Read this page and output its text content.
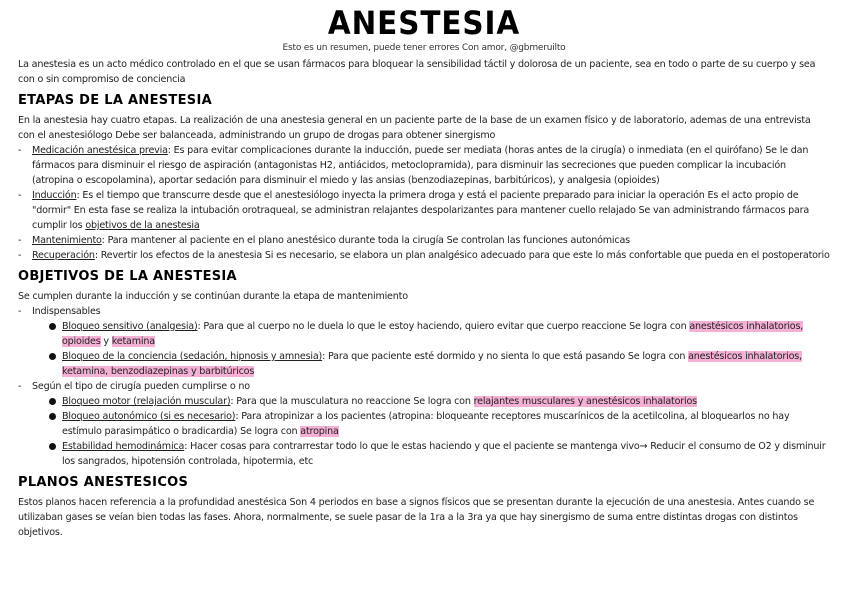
ANESTESIA
Esto es un resumen, puede tener errores Con amor, @gbmeruilto

La anestesia es un acto médico controlado en el que se usan fármacos para bloquear la sensibilidad táctil y dolorosa de un paciente, sea en todo o parte de su cuerpo y sea con o sin compromiso de conciencia

ETAPAS DE LA ANESTESIA

En la anestesia hay cuatro etapas. La realización de una anestesia general en un paciente parte de la base de un examen físico y de laboratorio, ademas de una entrevista con el anestesiólogo Debe ser balanceada, administrando un grupo de drogas para obtener sinergismo

- Medicación anestésica previa: Es para evitar complicaciones durante la inducción, puede ser mediata (horas antes de la cirugía) o inmediata (en el quirófano) Se le dan fármacos para disminuir el riesgo de aspiración (antagonistas H2, antiácidos, metoclopramida), para disminuir las secreciones que pueden complicar la incubación (atropina o escopolamina), aportar sedación para disminuir el miedo y las ansias (benzodiazepinas, barbitúricos), y analgesia (opioides)
- Inducción: Es el tiempo que transcurre desde que el anestesiólogo inyecta la primera droga y está el paciente preparado para iniciar la operación Es el acto propio de "dormir" En esta fase se realiza la intubación orotraqueal, se administran relajantes despolarizantes para mantener cuello relajado Se van administrando fármacos para cumplir los objetivos de la anestesia
- Mantenimiento: Para mantener al paciente en el plano anestésico durante toda la cirugía Se controlan las funciones autonómicas
- Recuperación: Revertir los efectos de la anestesia Si es necesario, se elabora un plan analgésico adecuado para que este lo más confortable que pueda en el postoperatorio
OBJETIVOS DE LA ANESTESIA

Se cumplen durante la inducción y se continúan durante la etapa de mantenimiento

- Indispensables
Bloqueo sensitivo (analgesia): Para que al cuerpo no le duela lo que le estoy haciendo, quiero evitar que cuerpo reaccione Se logra con anestésicos inhalatorios, opioides y ketamina
Bloqueo de la conciencia (sedación, hipnosis y amnesia): Para que paciente esté dormido y no sienta lo que está pasando Se logra con anestésicos inhalatorios, ketamina, benzodiazepinas y barbitúricos
- Según el tipo de cirugía pueden cumplirse o no
Bloqueo motor (relajación muscular): Para que la musculatura no reaccione Se logra con relajantes musculares y anestésicos inhalatorios
Bloqueo autonómico (si es necesario): Para atropinizar a los pacientes (atropina: bloqueante receptores muscarínicos de la acetilcolina, al bloquearlos no hay estímulo parasimpático o bradicardia) Se logra con atropina
Estabilidad hemodinámica: Hacer cosas para contrarrestar todo lo que le estas haciendo y que el paciente se mantenga vivo→ Reducir el consumo de O2 y disminuir los sangrados, hipotensión controlada, hipotermia, etc
PLANOS ANESTESICOS

Estos planos hacen referencia a la profundidad anestésica Son 4 periodos en base a signos físicos que se presentan durante la ejecución de una anestesia. Antes cuando se utilizaban gases se veían bien todas las fases. Ahora, normalmente, se suele pasar de la 1ra a la 3ra ya que hay sinergismo de suma entre distintas drogas con distintos objetivos.
